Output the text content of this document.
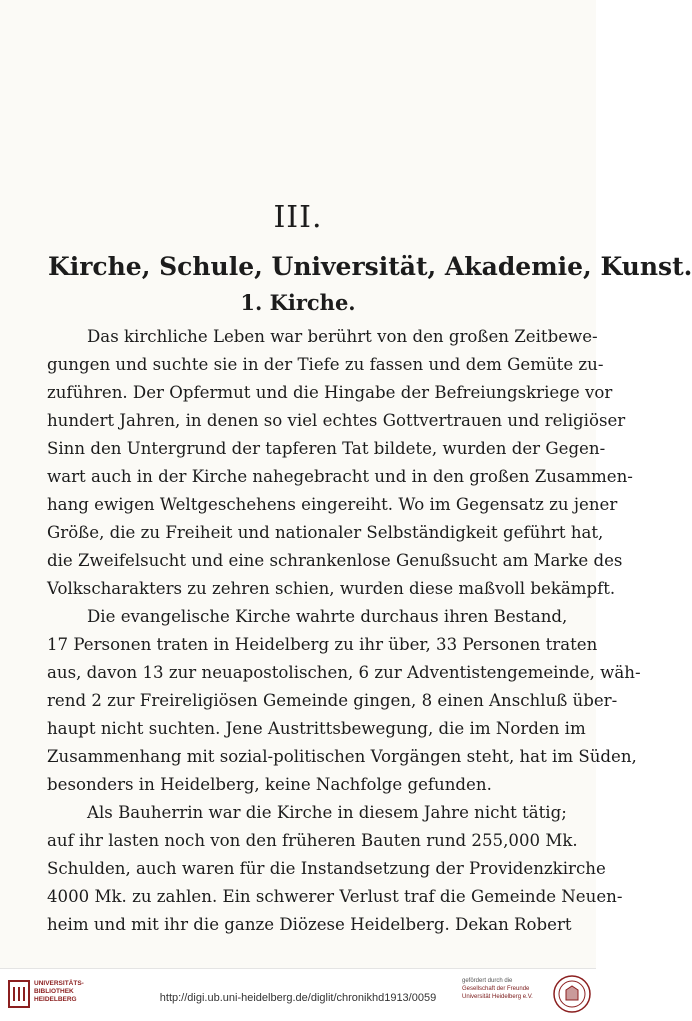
III.
Kirche, Schule, Universität, Akademie, Kunst.
1. Kirche.
Das kirchliche Leben war berührt von den großen Zeitbewe-
gungen und suchte sie in der Tiefe zu fassen und dem Gemüte zu-
zuführen. Der Opfermut und die Hingabe der Befreiungskriege vor
hundert Jahren, in denen so viel echtes Gottvertrauen und religiöser
Sinn den Untergrund der tapferen Tat bildete, wurden der Gegen-
wart auch in der Kirche nahegebracht und in den großen Zusammen-
hang ewigen Weltgeschehens eingereiht. Wo im Gegensatz zu jener
Größe, die zu Freiheit und nationaler Selbständigkeit geführt hat,
die Zweifelsucht und eine schrankenlose Genußsucht am Marke des
Volkscharakters zu zehren schien, wurden diese maßvoll bekämpft.
Die evangelische Kirche wahrte durchaus ihren Bestand,
17 Personen traten in Heidelberg zu ihr über, 33 Personen traten
aus, davon 13 zur neuapostolischen, 6 zur Adventistengemeinde, wäh-
rend 2 zur Freireligiösen Gemeinde gingen, 8 einen Anschluß über-
haupt nicht suchten. Jene Austrittsbewegung, die im Norden im
Zusammenhang mit sozial-politischen Vorgängen steht, hat im Süden,
besonders in Heidelberg, keine Nachfolge gefunden.
Als Bauherrin war die Kirche in diesem Jahre nicht tätig;
auf ihr lasten noch von den früheren Bauten rund 255,000 Mk.
Schulden, auch waren für die Instandsetzung der Providenzkirche
4000 Mk. zu zahlen. Ein schwerer Verlust traf die Gemeinde Neuen-
heim und mit ihr die ganze Diözese Heidelberg. Dekan Robert
UNIVERSITÄTS-
BIBLIOTHEK
HEIDELBERG	http://digi.ub.uni-heidelberg.de/diglit/chronikhd1913/0059
gefördert durch die
Gesellschaft der Freunde
Universität Heidelberg e.V.
